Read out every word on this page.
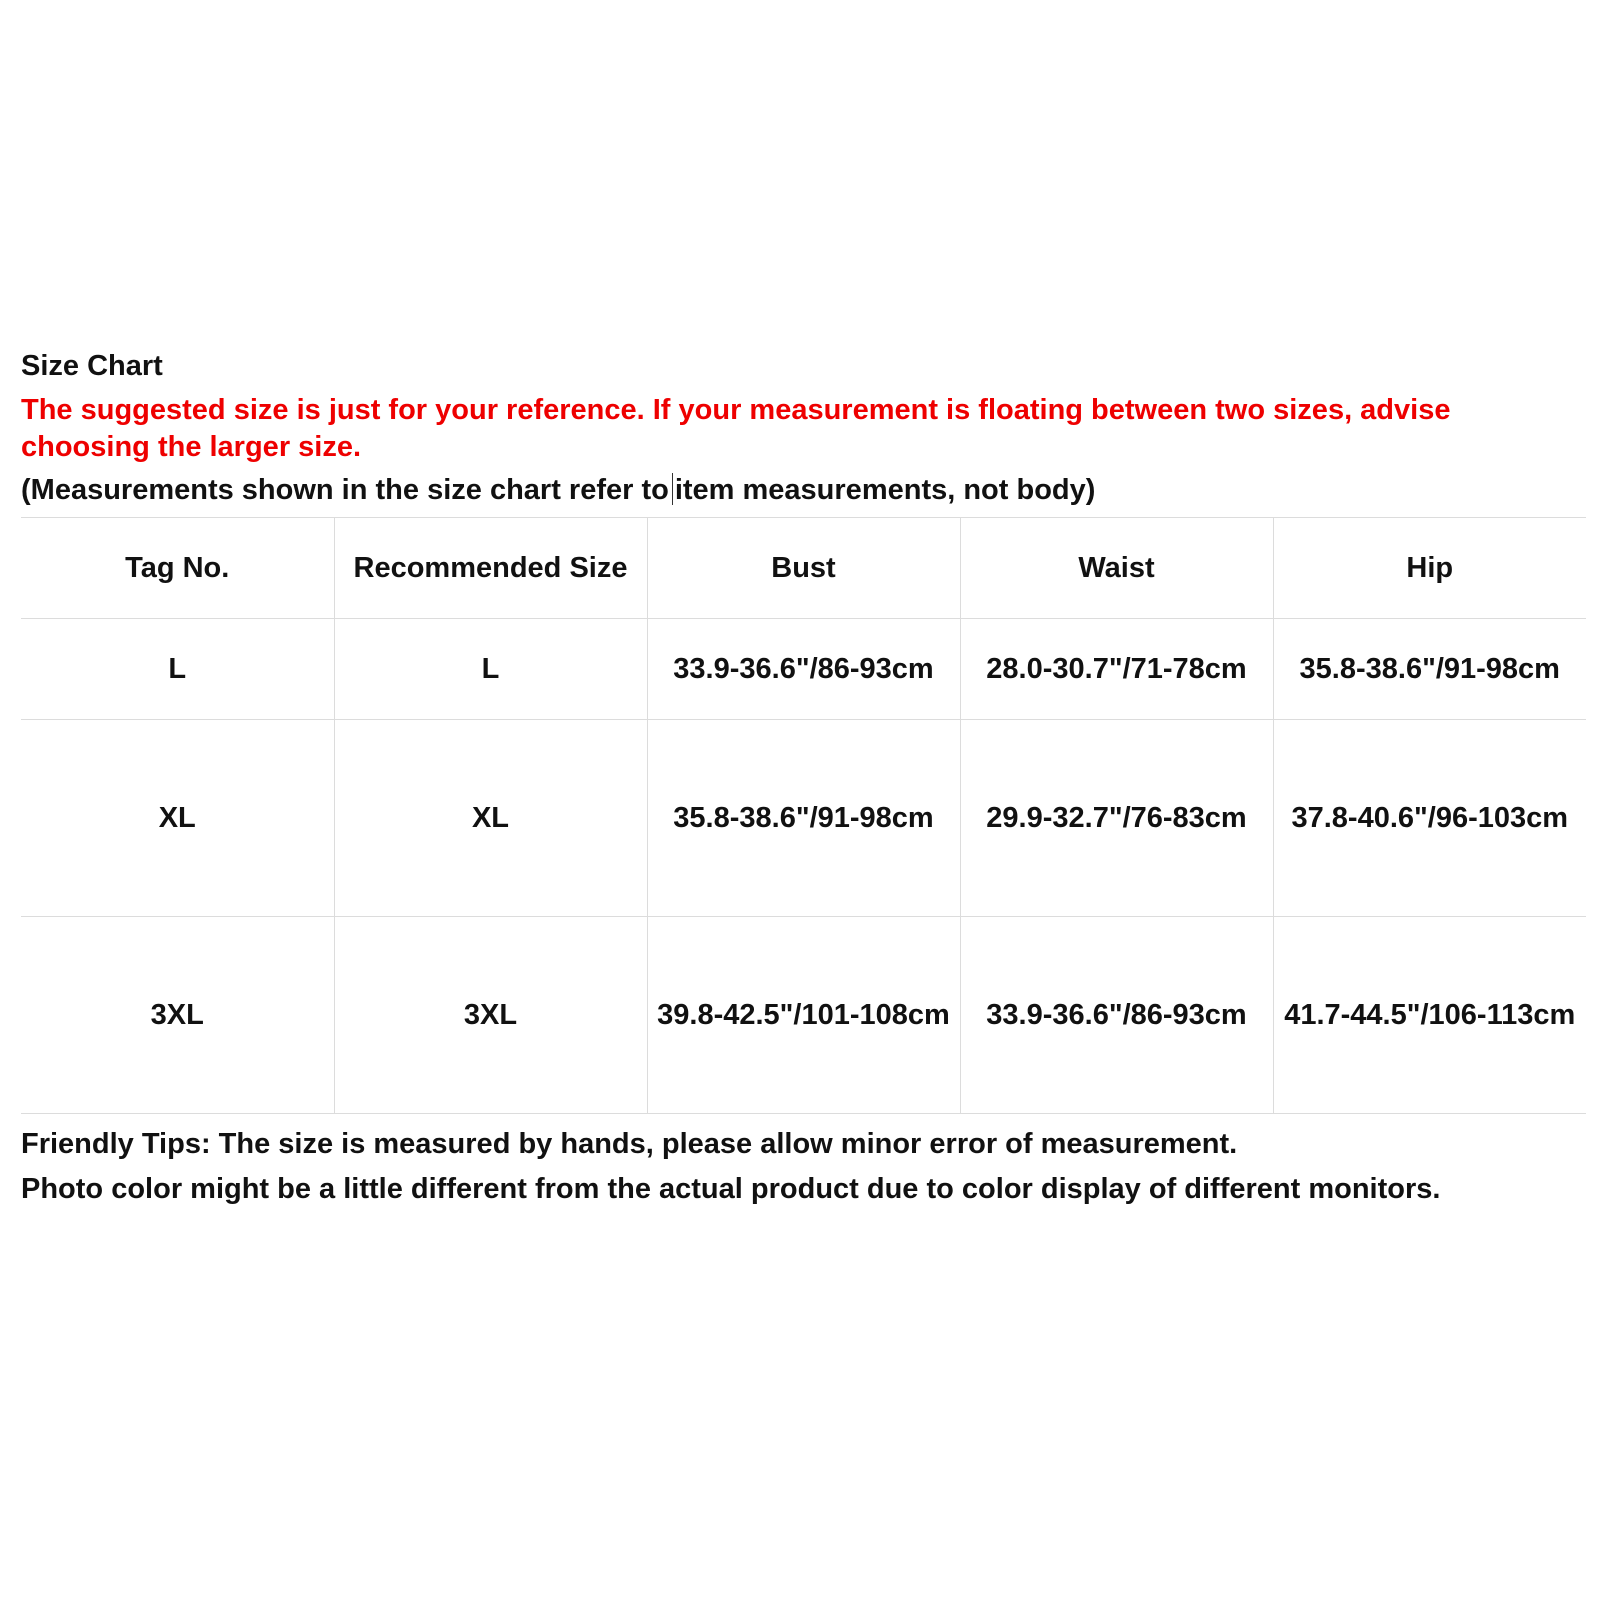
Size Chart
The suggested size is just for your reference. If your measurement is floating between two sizes, advise choosing the larger size.
(Measurements shown in the size chart refer to item measurements, not body)
Tag No.	Recommended Size	Bust	Waist	Hip
L	L	33.9-36.6"/86-93cm	28.0-30.7"/71-78cm	35.8-38.6"/91-98cm
XL	XL	35.8-38.6"/91-98cm	29.9-32.7"/76-83cm	37.8-40.6"/96-103cm
3XL	3XL	39.8-42.5"/101-108cm	33.9-36.6"/86-93cm	41.7-44.5"/106-113cm

Friendly Tips: The size is measured by hands, please allow minor error of measurement.

Photo color might be a little different from the actual product due to color display of different monitors.
